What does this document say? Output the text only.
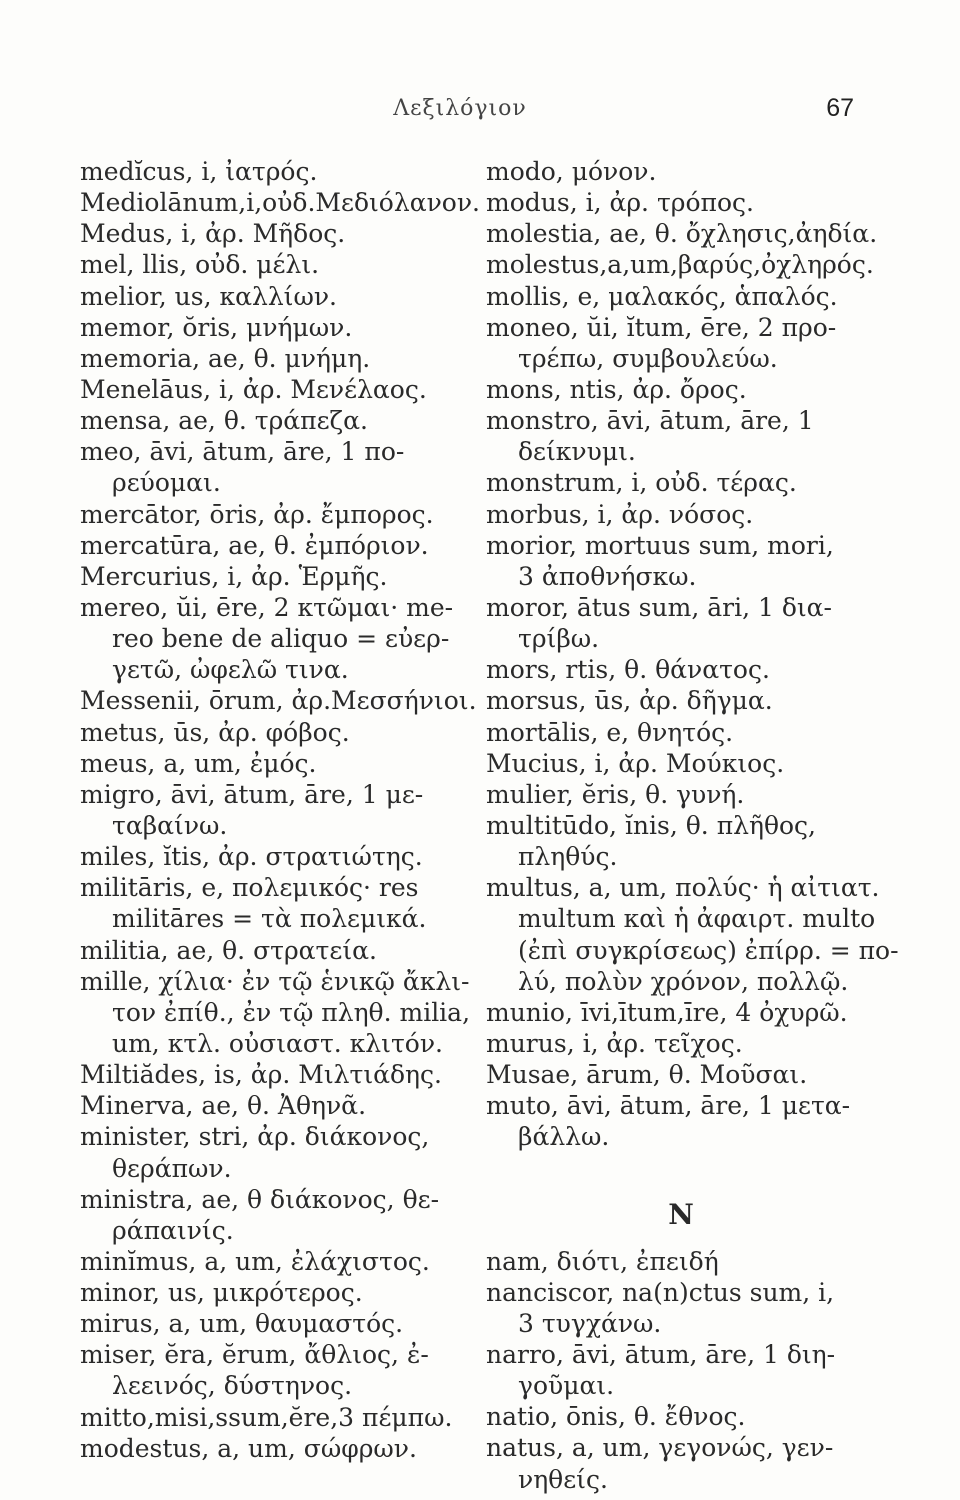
Λεξιλόγιον	67
medĭcus, i, ἰατρός.
Mediolānum,i,οὐδ.Μεδιόλανον.
Medus, i, ἀρ. Μῆδος.
mel, llis, οὐδ. μέλι.
melior, us, καλλίων.
memor, ŏris, μνήμων.
memoria, ae, θ. μνήμη.
Menelāus, i, ἀρ. Μενέλαος.
mensa, ae, θ. τράπεζα.
meo, āvi, ātum, āre, 1 πο-
ρεύομαι.
mercātor, ōris, ἀρ. ἔμπορος.
mercatūra, ae, θ. ἐμπόριον.
Mercurius, i, ἀρ. Ἑρμῆς.
mereo, ŭi, ēre, 2 κτῶμαι· me-
reo bene de aliquo = εὐερ-
γετῶ, ὠφελῶ τινα.
Messenii, ōrum, ἀρ.Μεσσήνιοι.
metus, ūs, ἀρ. φόβος.
meus, a, um, ἐμός.
migro, āvi, ātum, āre, 1 με-
ταβαίνω.
miles, ĭtis, ἀρ. στρατιώτης.
militāris, e, πολεμικός· res
militāres = τὰ πολεμικά.
militia, ae, θ. στρατεία.
mille, χίλια· ἐν τῷ ἑνικῷ ἄκλι-
τον ἐπίθ., ἐν τῷ πληθ. milia,
um, κτλ. οὐσιαστ. κλιτόν.
Miltiădes, is, ἀρ. Μιλτιάδης.
Minerva, ae, θ. Ἀθηνᾶ.
minister, stri, ἀρ. διάκονος,
θεράπων.
ministra, ae, θ διάκονος, θε-
ράπαινίς.
minĭmus, a, um, ἐλάχιστος.
minor, us, μικρότερος.
mirus, a, um, θαυμαστός.
miser, ĕra, ĕrum, ἄθλιος, ἐ-
λεεινός, δύστηνος.
mitto,misi,ssum,ĕre,3 πέμπω.
modestus, a, um, σώφρων.
modo, μόνον.
modus, i, ἀρ. τρόπος.
molestia, ae, θ. ὄχλησις,ἀηδία.
molestus,a,um,βαρύς,ὀχληρός.
mollis, e, μαλακός, ἁπαλός.
moneo, ŭi, ĭtum, ēre, 2 προ-
τρέπω, συμβουλεύω.
mons, ntis, ἀρ. ὄρος.
monstro, āvi, ātum, āre, 1
δείκνυμι.
monstrum, i, οὐδ. τέρας.
morbus, i, ἀρ. νόσος.
morior, mortuus sum, mori,
3 ἀποθνήσκω.
moror, ātus sum, āri, 1 δια-
τρίβω.
mors, rtis, θ. θάνατος.
morsus, ūs, ἀρ. δῆγμα.
mortālis, e, θνητός.
Mucius, i, ἀρ. Μούκιος.
mulier, ĕris, θ. γυνή.
multitūdo, ĭnis, θ. πλῆθος,
πληθύς.
multus, a, um, πολύς· ἡ αἰτιατ.
multum καὶ ἡ ἀφαιρτ. multo
(ἐπὶ συγκρίσεως) ἐπίρρ. = πο-
λύ, πολὺν χρόνον, πολλῷ.
munio, īvi,ītum,īre, 4 ὀχυρῶ.
murus, i, ἀρ. τεῖχος.
Musae, ārum, θ. Μοῦσαι.
muto, āvi, ātum, āre, 1 μετα-
βάλλω.
N
nam, διότι, ἐπειδή
nanciscor, na(n)ctus sum, i,
3 τυγχάνω.
narro, āvi, ātum, āre, 1 διη-
γοῦμαι.
natio, ōnis, θ. ἔθνος.
natus, a, um, γεγονώς, γεν-
νηθείς.
